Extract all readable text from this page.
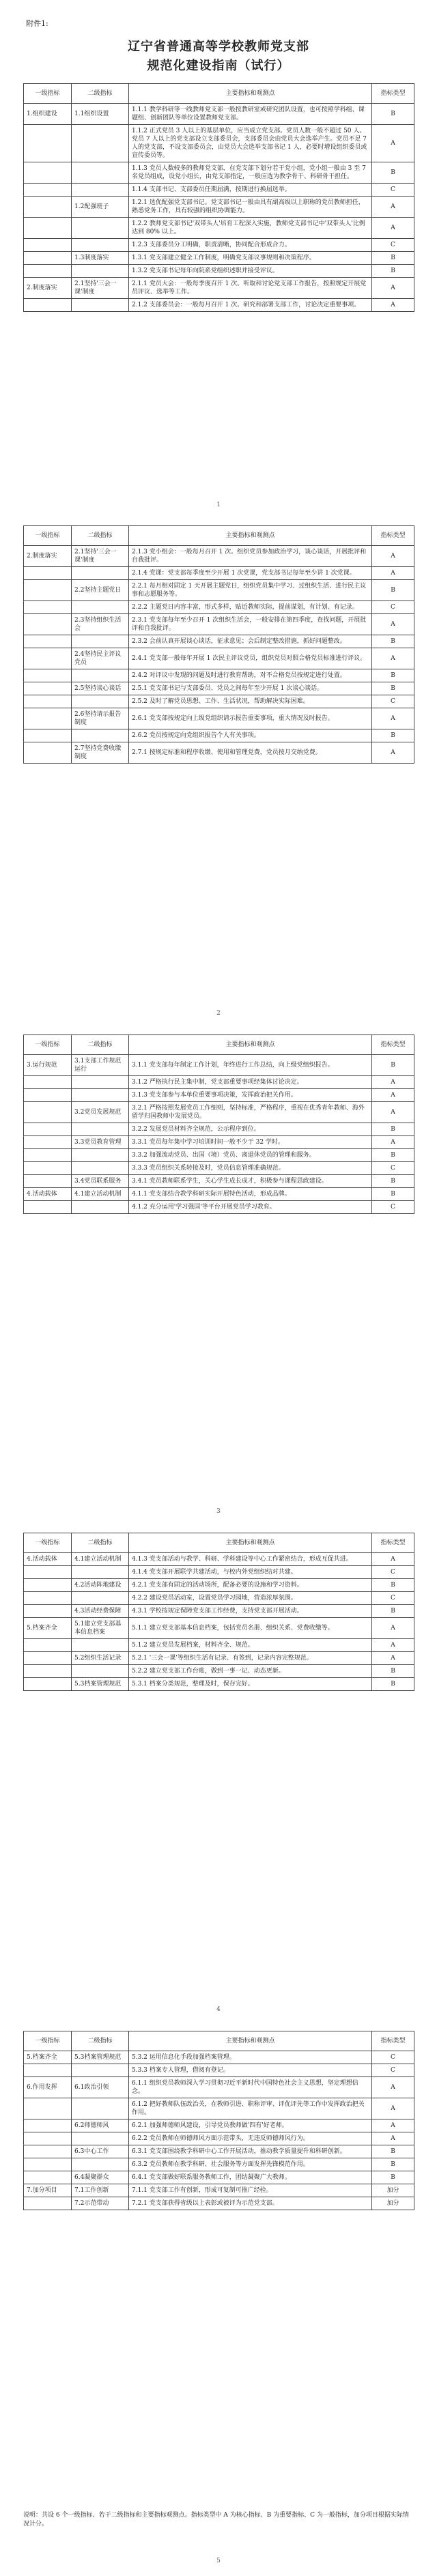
附件1:
辽宁省普通高等学校教师党支部
规范化建设指南（试行）
一级指标	二级指标	主要指标和观测点	指标类型
1.组织建设	1.1组织设置	1.1.1 教学科研等一线教师党支部一般按教研室或研究团队设置，也可按照学科组、课题组、创新团队等单位设置教师党支部。	B
		1.1.2 正式党员 3 人以上的基层单位，应当成立党支部。党员人数一般不超过 50 人。党员 7 人以上的党支部设立支部委员会，支部委员会由党员大会选举产生。党员不足 7 人的党支部，不设支部委员会，由党员大会选举支部书记 1 人，必要时增设组织委员或宣传委员等。	A
		1.1.3 党员人数较多的教师党支部，在党支部下划分若干党小组，党小组一般由 3 至 7 名党员组成，设党小组长，由党支部指定，一般应选为教学骨干、科研骨干担任。	B
		1.1.4 支部书记、支部委员任期届满，按期进行换届选举。	C
	1.2配强班子	1.2.1 选优配强党支部书记。党支部书记一般由具有副高级以上职称的党员教师担任，熟悉党务工作，具有较强的组织协调能力。	A
		1.2.2 教师党支部书记'双带头人'培育工程深入实施，教师党支部书记中'双带头人'比例达到 80% 以上。	A
		1.2.3 支部委员分工明确，职责清晰，协同配合形成合力。	C
	1.3制度落实	1.3.1 党支部建立健全工作制度，明确党支部议事规则和决策程序。	B
		1.3.2 党支部书记每年向院系党组织述职并接受评议。	B
2.制度落实	2.1坚持'三会一课'制度	2.1.1 党员大会：一般每季度召开 1 次。听取和讨论党支部工作报告，按照规定开展党员评议、选举等工作。	A
		2.1.2 支部委员会：一般每月召开 1 次。研究和部署支部工作，讨论决定重要事项。	A
1
一级指标	二级指标	主要指标和观测点	指标类型
2.制度落实	2.1坚持'三会一课'制度	2.1.3 党小组会：一般每月召开 1 次。组织党员参加政治学习，谈心谈话，开展批评和自我批评。	A
		2.1.4 党课：党支部每季度至少开展 1 次党课，党支部书记每年至少讲 1 次党课。	A
	2.2坚持主题党日	2.2.1 每月相对固定 1 天开展主题党日，组织党员集中学习、过组织生活、进行民主议事和志愿服务等。	B
		2.2.2 主题党日内容丰富，形式多样，贴近教师实际，提前谋划，有计划、有记录。	C
	2.3坚持组织生活会	2.3.1 党支部每年至少召开 1 次组织生活会，一般安排在第四季度，查找问题，开展批评和自我批评。	A
		2.3.2 会前认真开展谈心谈话，征求意见；会后制定整改措施，抓好问题整改。	B
	2.4坚持民主评议党员	2.4.1 党支部一般每年开展 1 次民主评议党员，组织党员对照合格党员标准进行评议。	A
		2.4.2 对评议中发现的问题及时进行教育帮助，对不合格党员按规定进行处置。	B
	2.5坚持谈心谈话	2.5.1 党支部书记与支部委员、党员之间每年至少开展 1 次谈心谈话。	B
		2.5.2 及时了解党员思想、工作、生活状况，帮助解决实际困难。	C
	2.6坚持请示报告制度	2.6.1 党支部按规定向上级党组织请示报告重要事项，重大情况及时报告。	A
		2.6.2 党员按规定向党组织报告个人有关事项。	B
	2.7坚持党费收缴制度	2.7.1 按规定标准和程序收缴、使用和管理党费，党员按月交纳党费。	A
2
一级指标	二级指标	主要指标和观测点	指标类型
3.运行规范	3.1支部工作规范运行	3.1.1 党支部每年制定工作计划，年终进行工作总结，向上级党组织报告。	B
		3.1.2 严格执行民主集中制，党支部重要事项经集体讨论决定。	A
		3.1.3 党支部参与本单位重要事项决策，发挥政治把关作用。	A
	3.2党员发展规范	3.2.1 严格按照发展党员工作细则，坚持标准，严格程序，重视在优秀青年教师、海外留学归国教师中发展党员。	A
		3.2.2 发展党员材料齐全规范，公示程序到位。	B
	3.3党员教育管理	3.3.1 党员每年集中学习培训时间一般不少于 32 学时。	A
		3.3.2 加强流动党员、出国（境）党员、离退休党员的管理和服务。	B
		3.3.3 党员组织关系转接及时，党员信息管理准确规范。	C
	3.4党员联系服务	3.4.1 党员教师联系学生，关心学生成长成才，积极参与课程思政建设。	B
4.活动载体	4.1建立活动机制	4.1.1 党支部结合教学科研实际开展特色活动，形成品牌。	B
		4.1.2 充分运用'学习强国'等平台开展党员学习教育。	C
3
一级指标	二级指标	主要指标和观测点	指标类型
4.活动载体	4.1建立活动机制	4.1.3 党支部活动与教学、科研、学科建设等中心工作紧密结合，形成互促共进。	A
		4.1.4 党支部开展联学共建活动，与校内外党组织结对共建。	C
	4.2活动阵地建设	4.2.1 党支部有固定的活动场所，配备必要的设施和学习资料。	B
		4.2.2 建设党员活动室，设置党员学习园地，营造浓厚氛围。	C
	4.3活动经费保障	4.3.1 学校按规定保障党支部工作经费，支持党支部开展活动。	B
5.档案齐全	5.1建立党支部基本信息档案	5.1.1 建立党支部基本信息档案，包括党员名册、组织关系、党费收缴等。	A
		5.1.2 建立党员发展档案，材料齐全、规范。	A
	5.2组织生活记录	5.2.1 '三会一课'等组织生活有记录、有签到，记录内容完整规范。	A
		5.2.2 建立党支部工作台账，做到一事一记、动态更新。	B
	5.3档案管理规范	5.3.1 档案分类规范，整理及时，保存完好。	B
4
一级指标	二级指标	主要指标和观测点	指标类型
5.档案齐全	5.3档案管理规范	5.3.2 运用信息化手段加强档案管理。	C
		5.3.3 档案专人管理，借阅有登记。	C
6.作用发挥	6.1政治引领	6.1.1 组织党员教师深入学习贯彻习近平新时代中国特色社会主义思想，坚定理想信念。	A
		6.1.2 把好教师队伍政治关，在教师引进、职称评审、评优评先等工作中发挥政治把关作用。	A
	6.2师德师风	6.2.1 加强师德师风建设，引导党员教师做'四有'好老师。	A
		6.2.2 党员教师在师德师风方面示范带头，无违反师德师风行为。	A
	6.3中心工作	6.3.1 党支部围绕教学科研中心工作开展活动，推动教学质量提升和科研创新。	B
		6.3.2 党员教师在教学科研、社会服务等方面发挥先锋模范作用。	B
	6.4凝聚群众	6.4.1 党支部做好联系服务教师工作，团结凝聚广大教师。	B
7.加分项目	7.1工作创新	7.1.1 党支部工作有创新，形成可复制可推广经验。	加分
	7.2示范带动	7.2.1 党支部获得省级以上表彰或被评为示范党支部。	加分
说明：共设 6 个一级指标、若干二级指标和主要指标观测点。指标类型中 A 为核心指标、B 为重要指标、C 为一般指标，加分项目根据实际情况计分。
5
